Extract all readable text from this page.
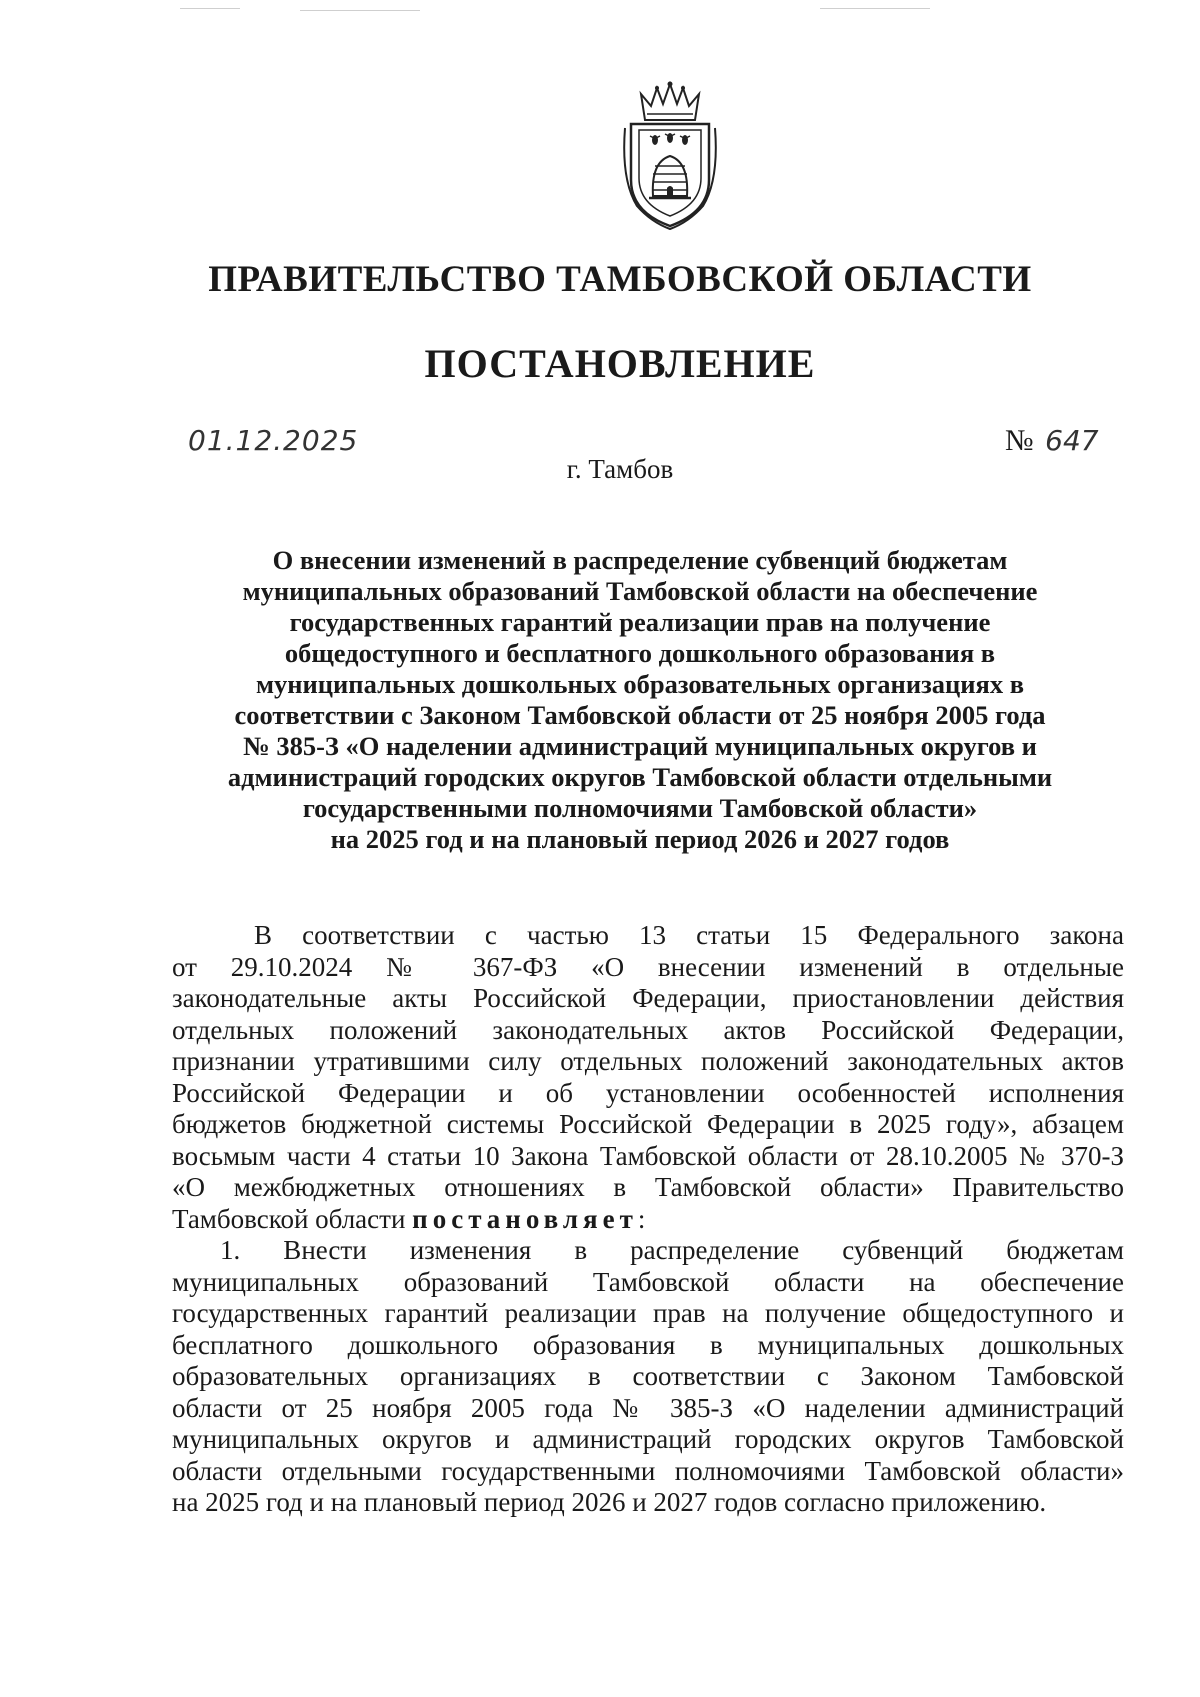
ПРАВИТЕЛЬСТВО ТАМБОВСКОЙ ОБЛАСТИ
ПОСТАНОВЛЕНИЕ
01.12.2025	№ 647
г. Тамбов
О внесении изменений в распределение субвенций бюджетам
муниципальных образований Тамбовской области на обеспечение
государственных гарантий реализации прав на получение
общедоступного и бесплатного дошкольного образования в
муниципальных дошкольных образовательных организациях в
соответствии с Законом Тамбовской области от 25 ноября 2005 года
№ 385-З «О наделении администраций муниципальных округов и
администраций городских округов Тамбовской области отдельными
государственными полномочиями Тамбовской области»
на 2025 год и на плановый период 2026 и 2027 годов
В соответствии с частью 13 статьи 15 Федерального закона
от 29.10.2024 № 367-ФЗ «О внесении изменений в отдельные
законодательные акты Российской Федерации, приостановлении действия
отдельных положений законодательных актов Российской Федерации,
признании утратившими силу отдельных положений законодательных актов
Российской Федерации и об установлении особенностей исполнения
бюджетов бюджетной системы Российской Федерации в 2025 году», абзацем
восьмым части 4 статьи 10 Закона Тамбовской области от 28.10.2005 № 370-З
«О межбюджетных отношениях в Тамбовской области» Правительство
Тамбовской области постановляет:
1. Внести изменения в распределение субвенций бюджетам
муниципальных образований Тамбовской области на обеспечение
государственных гарантий реализации прав на получение общедоступного и
бесплатного дошкольного образования в муниципальных дошкольных
образовательных организациях в соответствии с Законом Тамбовской
области от 25 ноября 2005 года № 385-З «О наделении администраций
муниципальных округов и администраций городских округов Тамбовской
области отдельными государственными полномочиями Тамбовской области»
на 2025 год и на плановый период 2026 и 2027 годов согласно приложению.
